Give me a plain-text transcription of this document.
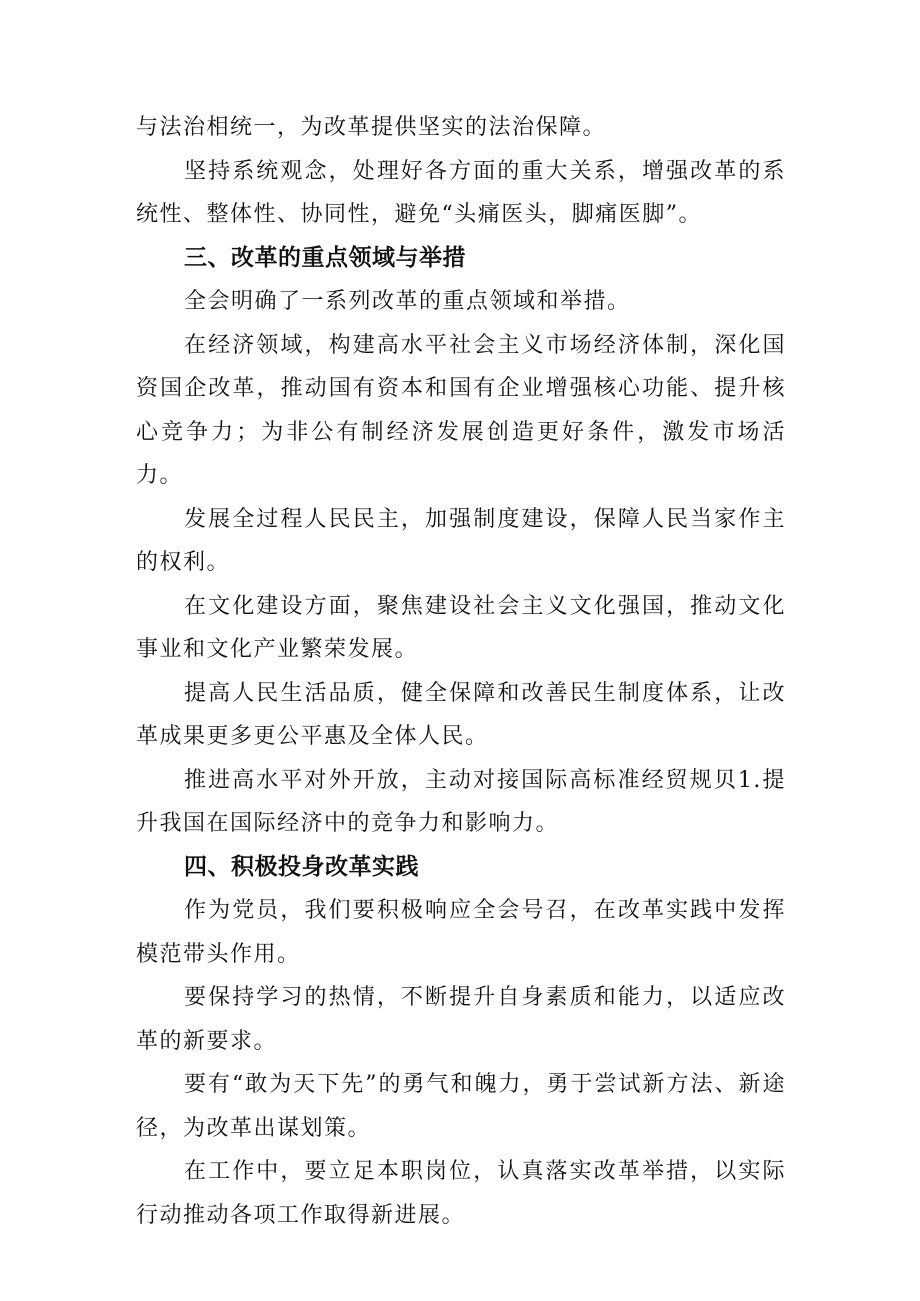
与法治相统一，为改革提供坚实的法治保障。

坚持系统观念，处理好各方面的重大关系，增强改革的系统性、整体性、协同性，避免“头痛医头，脚痛医脚”。

三、改革的重点领域与举措

全会明确了一系列改革的重点领域和举措。

在经济领域，构建高水平社会主义市场经济体制，深化国资国企改革，推动国有资本和国有企业增强核心功能、提升核心竞争力；为非公有制经济发展创造更好条件，激发市场活力。

发展全过程人民民主，加强制度建设，保障人民当家作主的权利。

在文化建设方面，聚焦建设社会主义文化强国，推动文化事业和文化产业繁荣发展。

提高人民生活品质，健全保障和改善民生制度体系，让改革成果更多更公平惠及全体人民。

推进高水平对外开放，主动对接国际高标准经贸规贝1.提升我国在国际经济中的竞争力和影响力。

四、积极投身改革实践

作为党员，我们要积极响应全会号召，在改革实践中发挥模范带头作用。

要保持学习的热情，不断提升自身素质和能力，以适应改革的新要求。

要有“敢为天下先”的勇气和魄力，勇于尝试新方法、新途径，为改革出谋划策。

在工作中，要立足本职岗位，认真落实改革举措，以实际行动推动各项工作取得新进展。
